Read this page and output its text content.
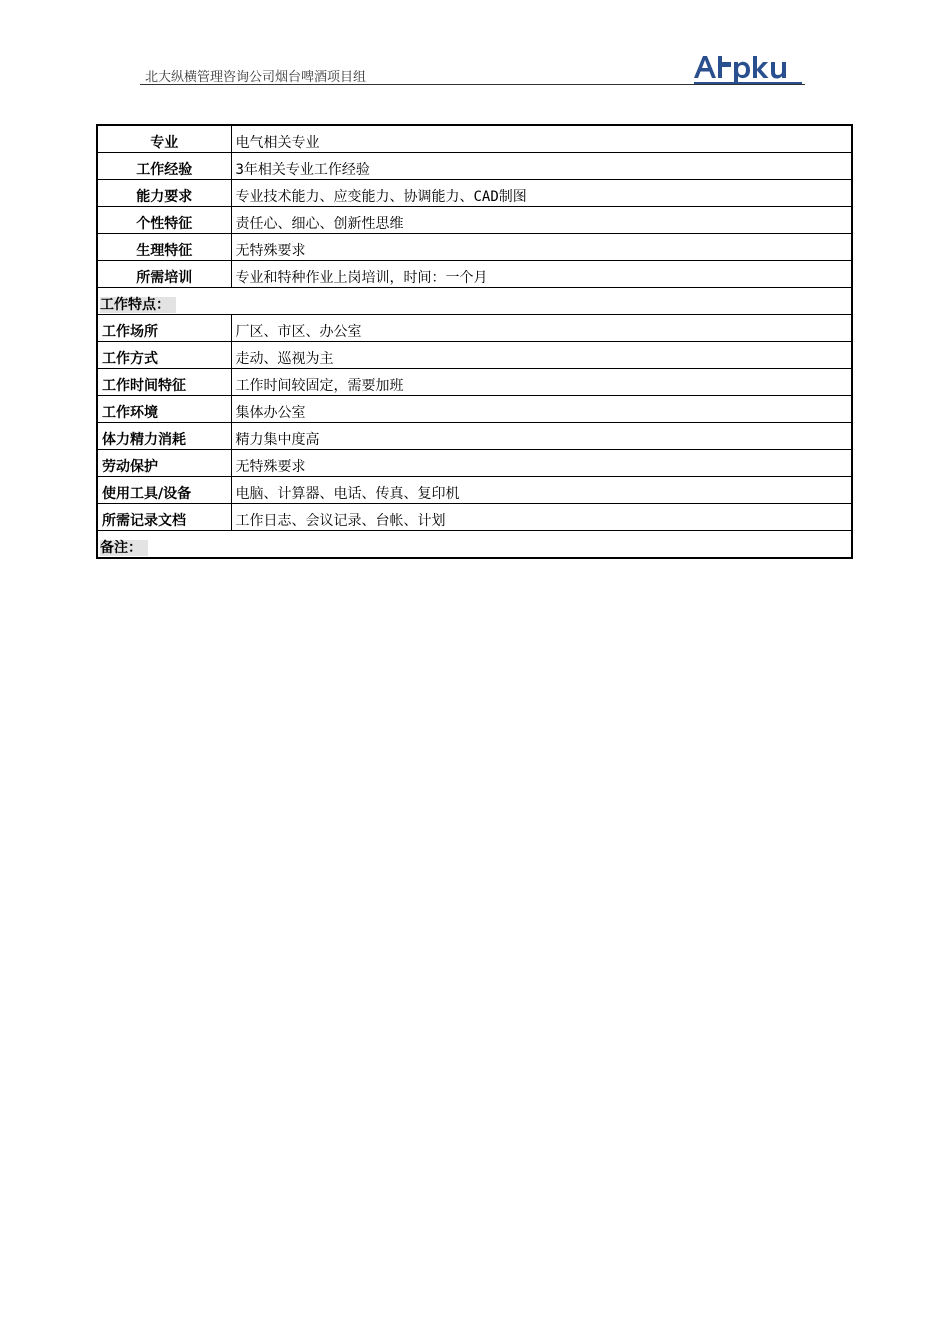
北大纵横管理咨询公司烟台啤酒项目组
专业	电气相关专业
工作经验	3年相关专业工作经验
能力要求	专业技术能力、应变能力、协调能力、CAD制图
个性特征	责任心、细心、创新性思维
生理特征	无特殊要求
所需培训	专业和特种作业上岗培训，时间：一个月
工作特点：	
工作场所	厂区、市区、办公室
工作方式	走动、巡视为主
工作时间特征	工作时间较固定，需要加班
工作环境	集体办公室
体力精力消耗	精力集中度高
劳动保护	无特殊要求
使用工具/设备	电脑、计算器、电话、传真、复印机
所需记录文档	工作日志、会议记录、台帐、计划
备注：	
